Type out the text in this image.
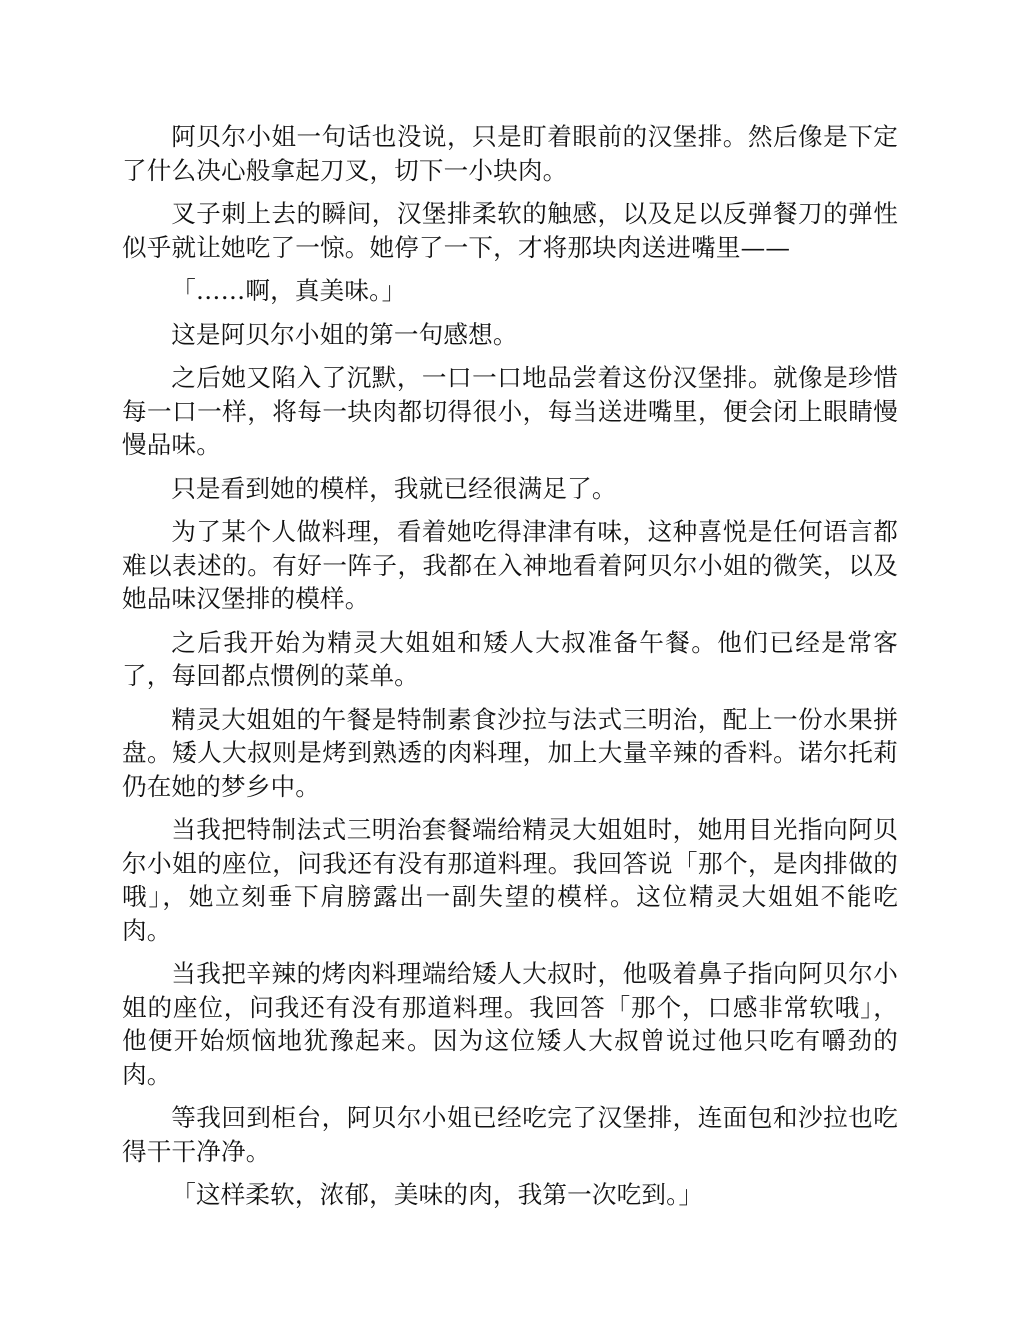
阿贝尔小姐一句话也没说，只是盯着眼前的汉堡排。然后像是下定了什么决心般拿起刀叉，切下一小块肉。

叉子刺上去的瞬间，汉堡排柔软的触感，以及足以反弹餐刀的弹性似乎就让她吃了一惊。她停了一下，才将那块肉送进嘴里——

「……啊，真美味。」

这是阿贝尔小姐的第一句感想。

之后她又陷入了沉默，一口一口地品尝着这份汉堡排。就像是珍惜每一口一样，将每一块肉都切得很小，每当送进嘴里，便会闭上眼睛慢慢品味。

只是看到她的模样，我就已经很满足了。

为了某个人做料理，看着她吃得津津有味，这种喜悦是任何语言都难以表述的。有好一阵子，我都在入神地看着阿贝尔小姐的微笑，以及她品味汉堡排的模样。

之后我开始为精灵大姐姐和矮人大叔准备午餐。他们已经是常客了，每回都点惯例的菜单。

精灵大姐姐的午餐是特制素食沙拉与法式三明治，配上一份水果拼盘。矮人大叔则是烤到熟透的肉料理，加上大量辛辣的香料。诺尔托莉仍在她的梦乡中。

当我把特制法式三明治套餐端给精灵大姐姐时，她用目光指向阿贝尔小姐的座位，问我还有没有那道料理。我回答说「那个，是肉排做的哦」，她立刻垂下肩膀露出一副失望的模样。这位精灵大姐姐不能吃肉。

当我把辛辣的烤肉料理端给矮人大叔时，他吸着鼻子指向阿贝尔小姐的座位，问我还有没有那道料理。我回答「那个，口感非常软哦」，他便开始烦恼地犹豫起来。因为这位矮人大叔曾说过他只吃有嚼劲的肉。

等我回到柜台，阿贝尔小姐已经吃完了汉堡排，连面包和沙拉也吃得干干净净。

「这样柔软，浓郁，美味的肉，我第一次吃到。」
